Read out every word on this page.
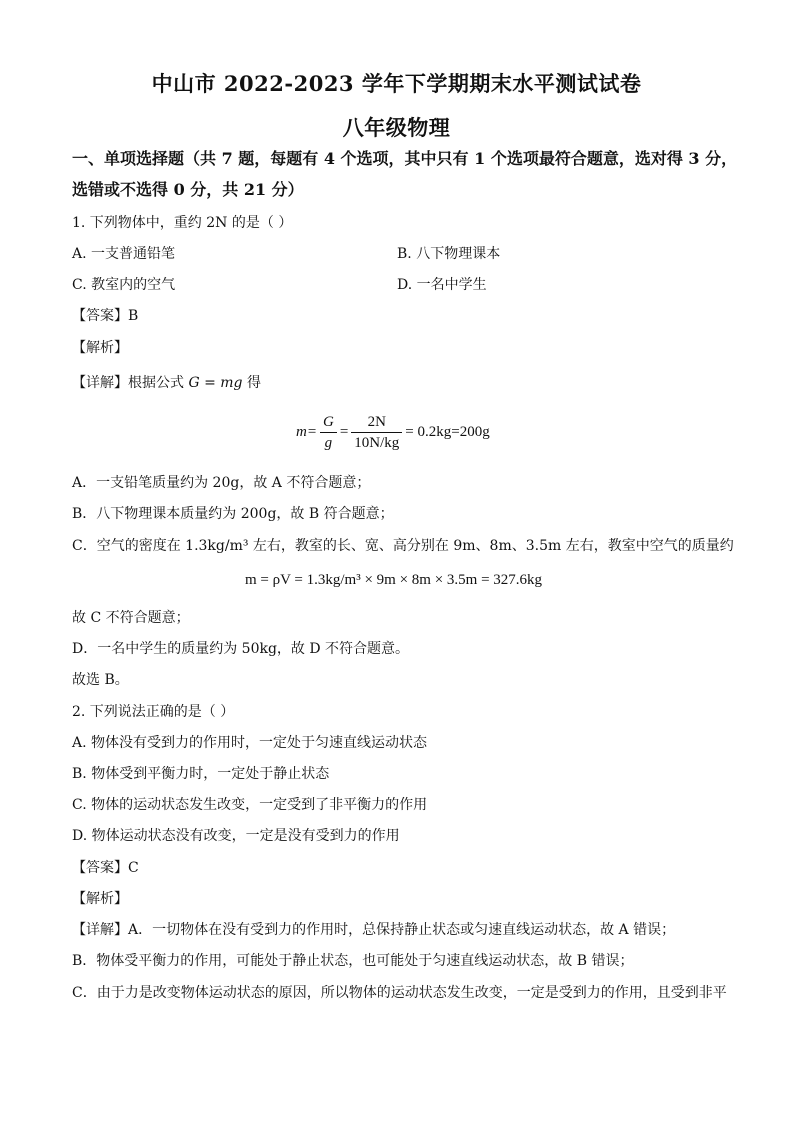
中山市 2022-2023 学年下学期期末水平测试试卷
八年级物理
一、单项选择题（共 7 题，每题有 4 个选项，其中只有 1 个选项最符合题意，选对得 3 分，
选错或不选得 0 分，共 21 分）
1. 下列物体中，重约 2N 的是（ ）
A. 一支普通铅笔	B. 八下物理课本
C. 教室内的空气	D. 一名中学生
【答案】B
【解析】
【详解】根据公式 G = mg 得
$m= \frac{G}{g} = \frac{2N}{10N/kg} = 0.2kg=200g$
A．一支铅笔质量约为 20g，故 A 不符合题意；
B．八下物理课本质量约为 200g，故 B 符合题意；
C．空气的密度在 1.3kg/m³ 左右，教室的长、宽、高分别在 9m、8m、3.5m 左右，教室中空气的质量约
m = ρV = 1.3kg/m³ × 9m × 8m × 3.5m = 327.6kg
故 C 不符合题意；
D．一名中学生的质量约为 50kg，故 D 不符合题意。
故选 B。
2. 下列说法正确的是（ ）
A. 物体没有受到力的作用时，一定处于匀速直线运动状态
B. 物体受到平衡力时，一定处于静止状态
C. 物体的运动状态发生改变，一定受到了非平衡力的作用
D. 物体运动状态没有改变，一定是没有受到力的作用
【答案】C
【解析】
【详解】A．一切物体在没有受到力的作用时，总保持静止状态或匀速直线运动状态，故 A 错误；
B．物体受平衡力的作用，可能处于静止状态，也可能处于匀速直线运动状态，故 B 错误；
C．由于力是改变物体运动状态的原因，所以物体的运动状态发生改变，一定是受到力的作用，且受到非平
